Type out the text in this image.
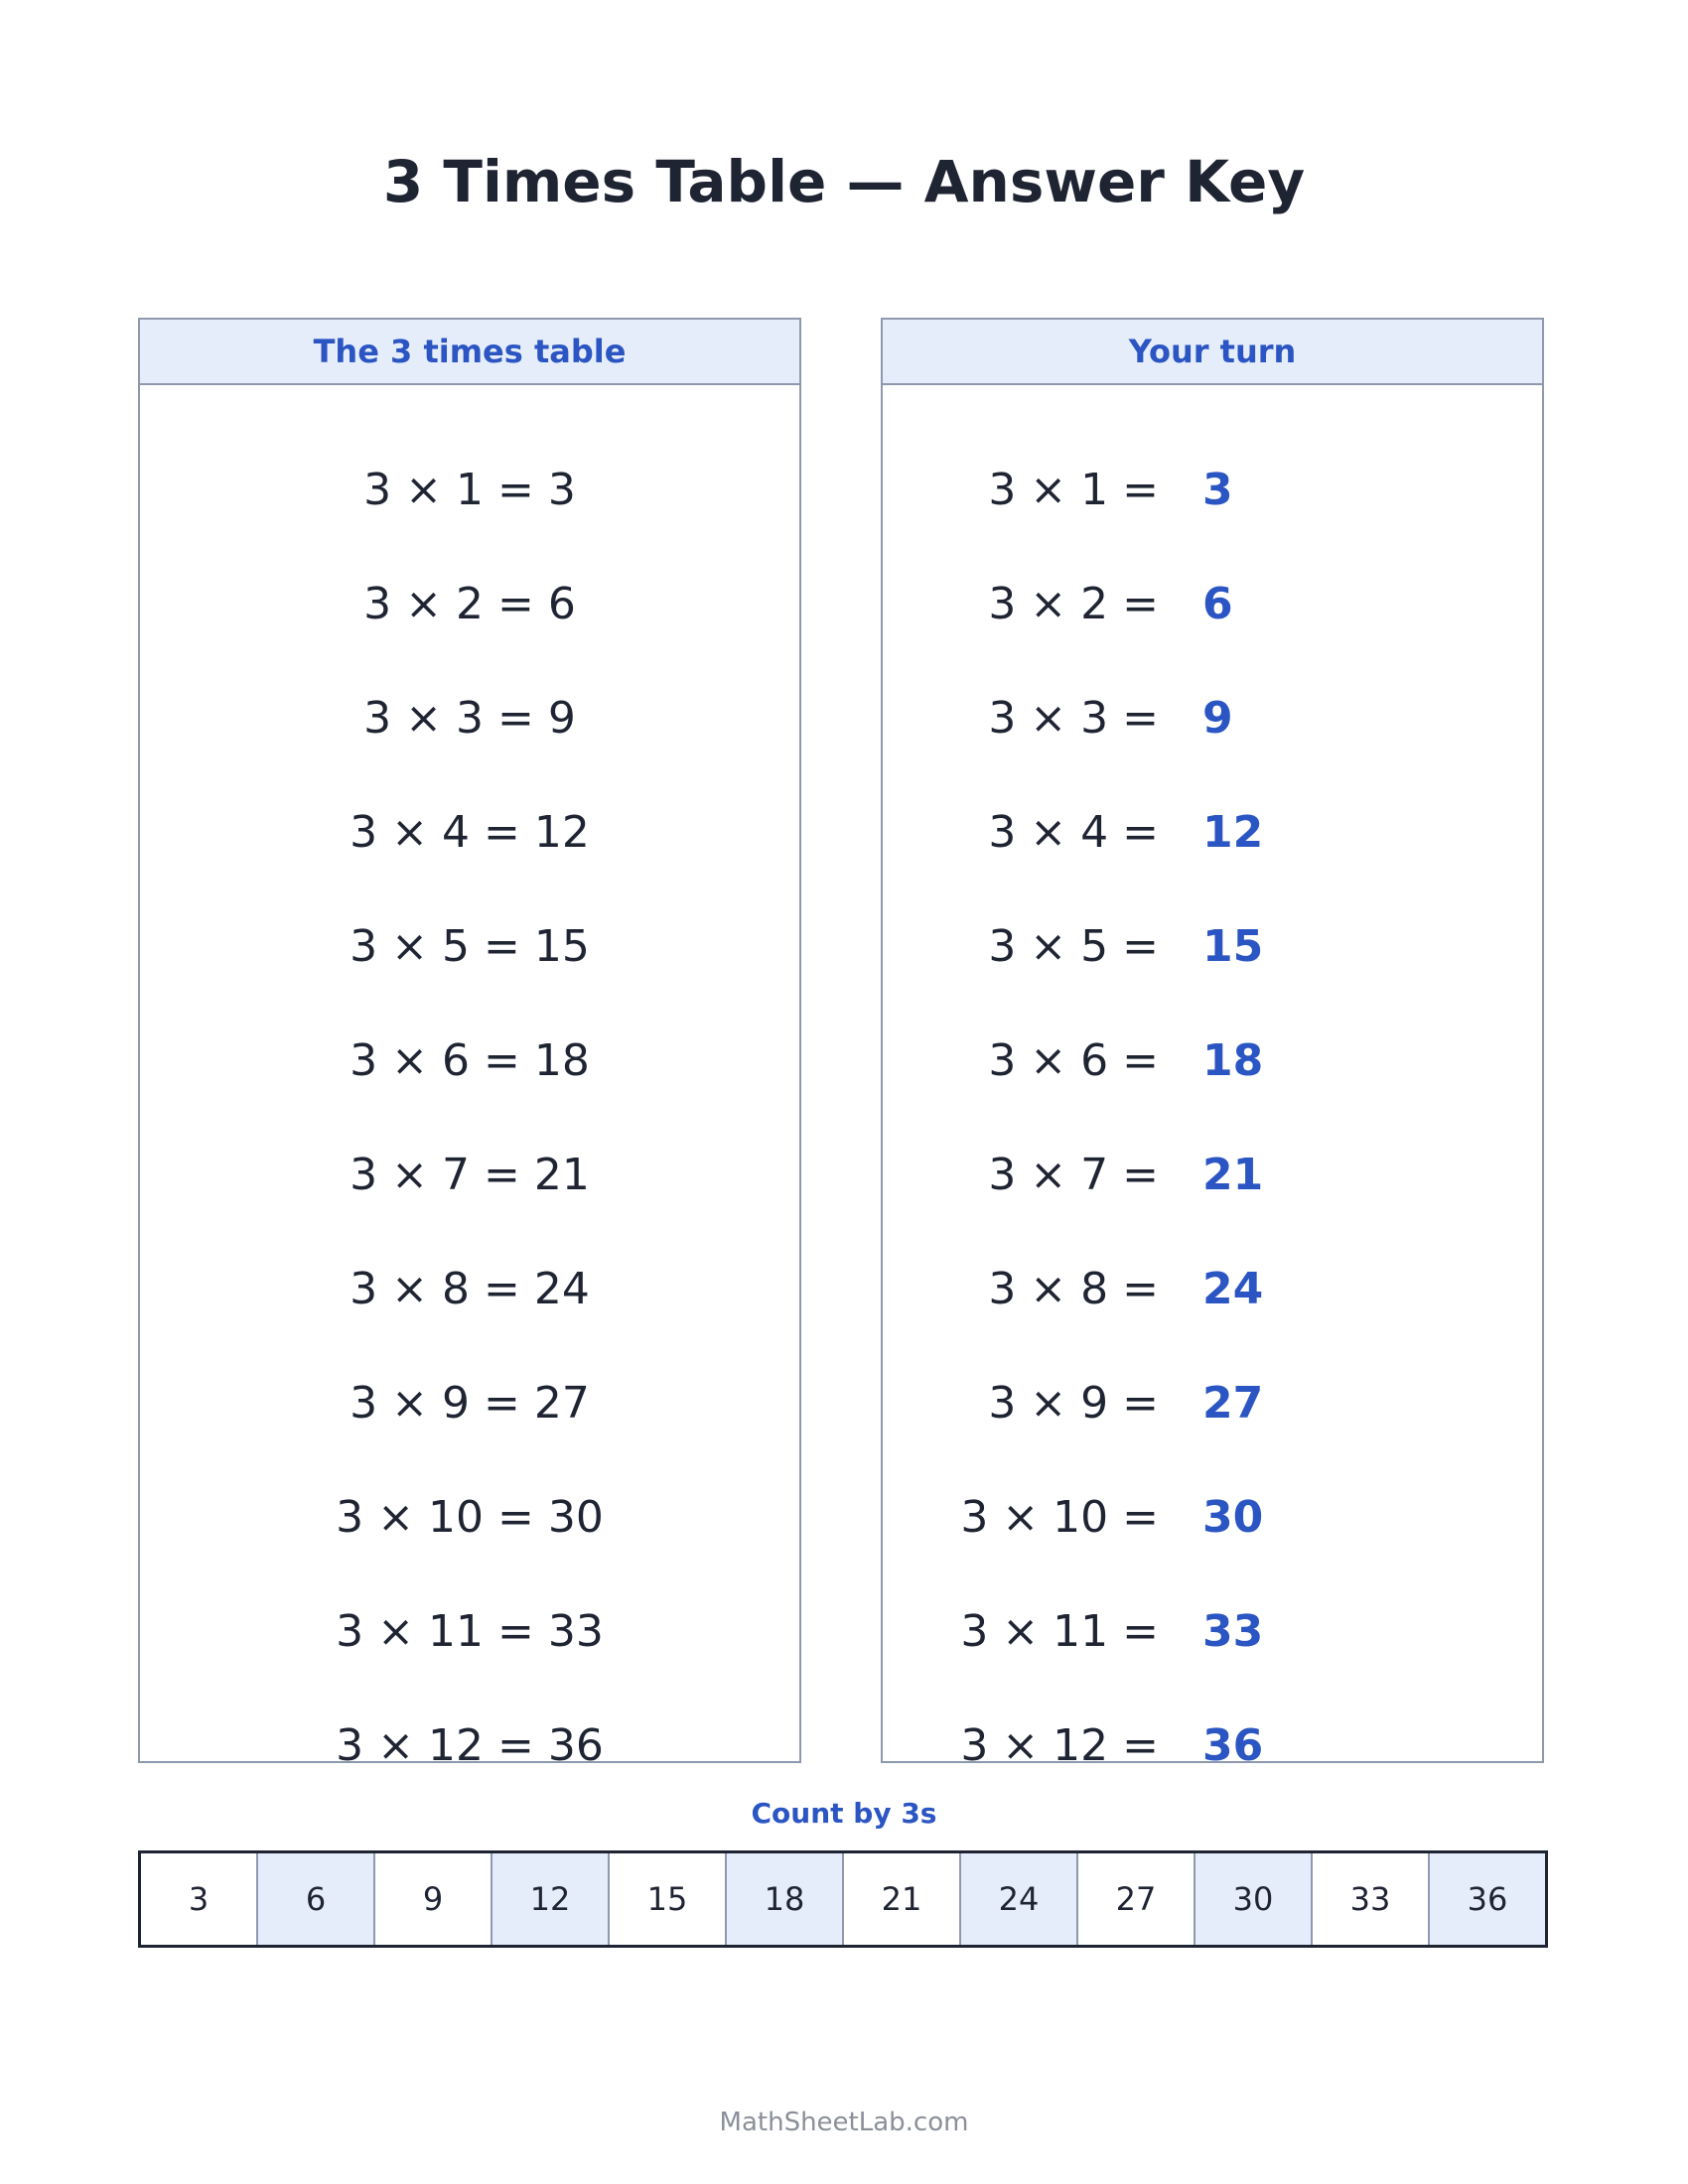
3 Times Table — Answer Key
The 3 times table
3 × 1 = 3
3 × 2 = 6
3 × 3 = 9
3 × 4 = 12
3 × 5 = 15
3 × 6 = 18
3 × 7 = 21
3 × 8 = 24
3 × 9 = 27
3 × 10 = 30
3 × 11 = 33
3 × 12 = 36
Your turn
3 × 1 = 3
3 × 2 = 6
3 × 3 = 9
3 × 4 = 12
3 × 5 = 15
3 × 6 = 18
3 × 7 = 21
3 × 8 = 24
3 × 9 = 27
3 × 10 = 30
3 × 11 = 33
3 × 12 = 36
Count by 3s
3	6	9	12	15	18	21	24	27	30	33	36
MathSheetLab.com
